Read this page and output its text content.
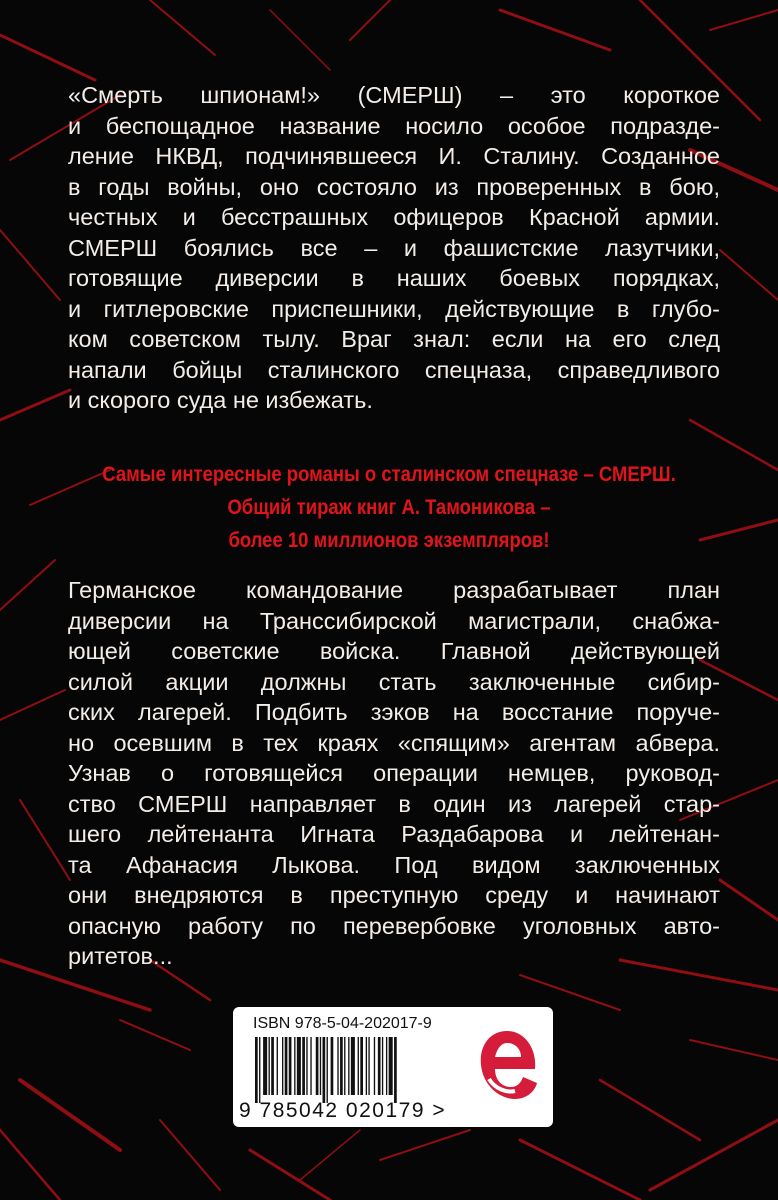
«Смерть шпионам!» (СМЕРШ) – это короткое
и беспощадное название носило особое подразде-
ление НКВД, подчинявшееся И. Сталину. Созданное
в годы войны, оно состояло из проверенных в бою,
честных и бесстрашных офицеров Красной армии.
СМЕРШ боялись все – и фашистские лазутчики,
готовящие диверсии в наших боевых порядках,
и гитлеровские приспешники, действующие в глубо-
ком советском тылу. Враг знал: если на его след
напали бойцы сталинского спецназа, справедливого
и скорого суда не избежать.
Самые интересные романы о сталинском спецназе – СМЕРШ.
Общий тираж книг А. Тамоникова –
более 10 миллионов экземпляров!
Германское командование разрабатывает план
диверсии на Транссибирской магистрали, снабжа-
ющей советские войска. Главной действующей
силой акции должны стать заключенные сибир-
ских лагерей. Подбить зэков на восстание поруче-
но осевшим в тех краях «спящим» агентам абвера.
Узнав о готовящейся операции немцев, руковод-
ство СМЕРШ направляет в один из лагерей стар-
шего лейтенанта Игната Раздабарова и лейтенан-
та Афанасия Лыкова. Под видом заключенных
они внедряются в преступную среду и начинают
опасную работу по перевербовке уголовных авто-
ритетов...
ISBN 978-5-04-202017-9
9 785042 020179 >
